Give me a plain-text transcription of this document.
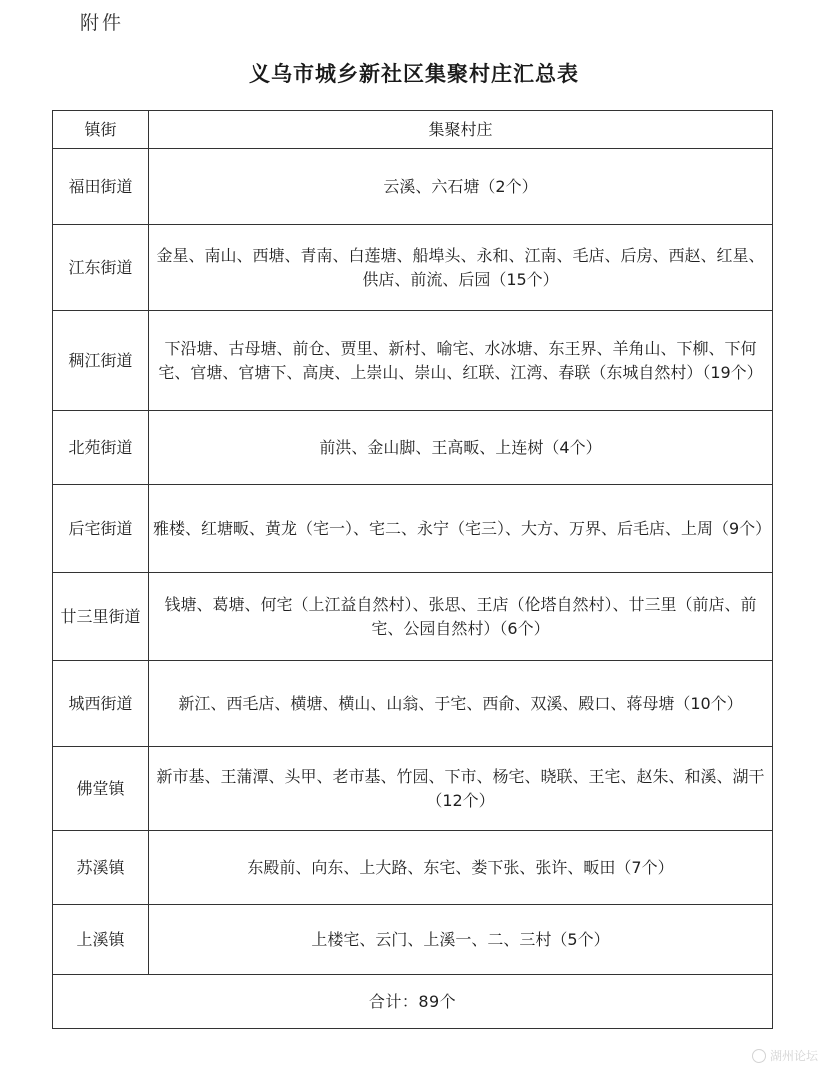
附件
义乌市城乡新社区集聚村庄汇总表
镇街	集聚村庄
福田街道	云溪、六石塘（2个）
江东街道	金星、南山、西塘、青南、白莲塘、船埠头、永和、江南、毛店、后房、西赵、红星、供店、前流、后园（15个）
稠江街道	下沿塘、古母塘、前仓、贾里、新村、喻宅、水冰塘、东王界、羊角山、下柳、下何宅、官塘、官塘下、高庚、上崇山、崇山、红联、江湾、春联（东城自然村）（19个）
北苑街道	前洪、金山脚、王高畈、上连树（4个）
后宅街道	雅楼、红塘畈、黄龙（宅一）、宅二、永宁（宅三）、大方、万界、后毛店、上周（9个）
廿三里街道	钱塘、葛塘、何宅（上江益自然村）、张思、王店（伦塔自然村）、廿三里（前店、前宅、公园自然村）（6个）
城西街道	新江、西毛店、横塘、横山、山翁、于宅、西俞、双溪、殿口、蒋母塘（10个）
佛堂镇	新市基、王蒲潭、头甲、老市基、竹园、下市、杨宅、晓联、王宅、赵朱、和溪、湖干（12个）
苏溪镇	东殿前、向东、上大路、东宅、娄下张、张许、畈田（7个）
上溪镇	上楼宅、云门、上溪一、二、三村（5个）
合计：89个	
湖州论坛
